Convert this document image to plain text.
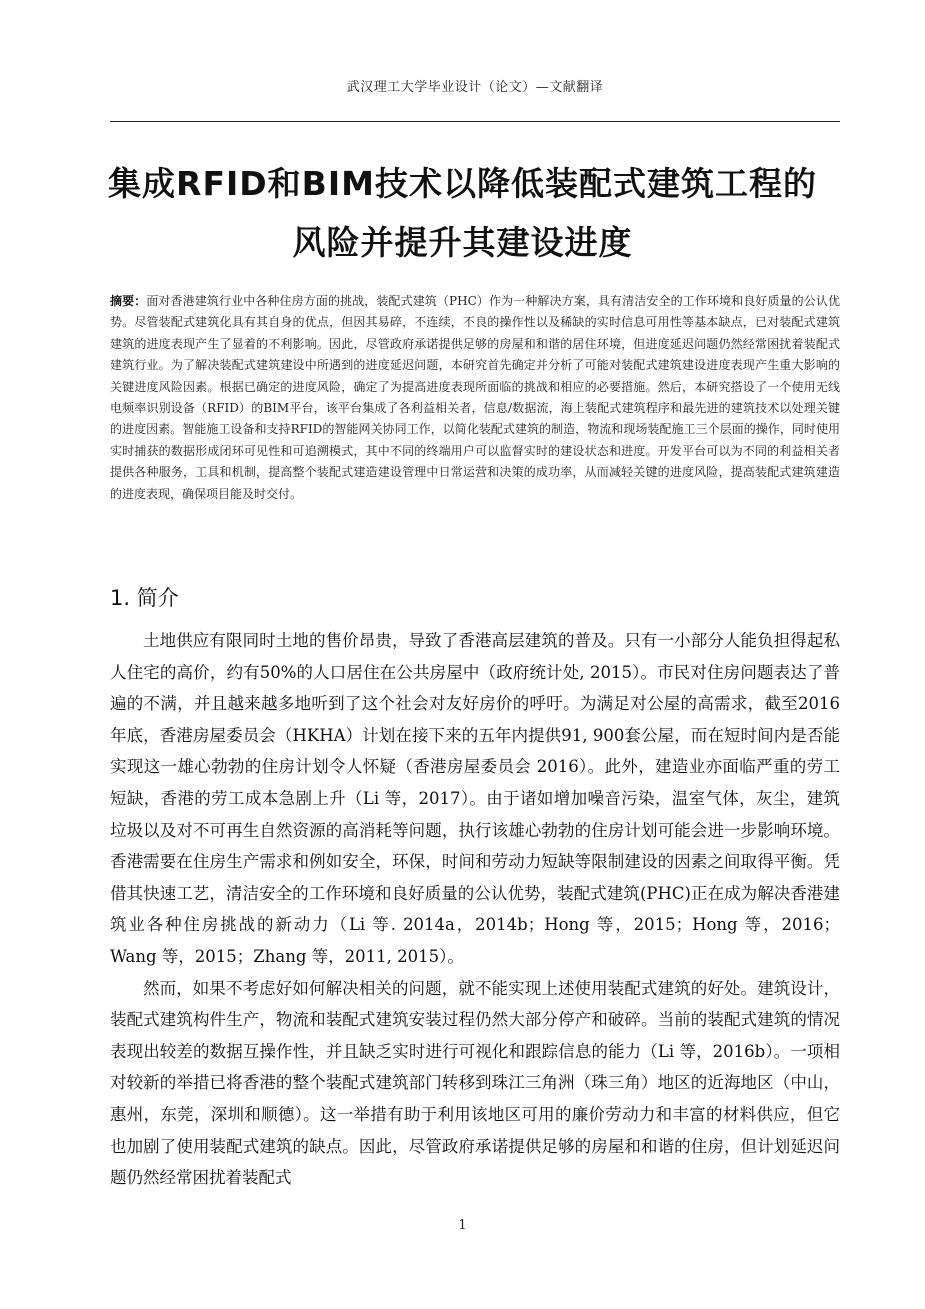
武汉理工大学毕业设计（论文）—文献翻译
集成RFID和BIM技术以降低装配式建筑工程的
风险并提升其建设进度
摘要：面对香港建筑行业中各种住房方面的挑战，装配式建筑（PHC）作为一种解决方案，具有清洁安全的工作环境和良好质量的公认优势。尽管装配式建筑化具有其自身的优点，但因其易碎，不连续，不良的操作性以及稀缺的实时信息可用性等基本缺点，已对装配式建筑建筑的进度表现产生了显着的不利影响。因此，尽管政府承诺提供足够的房屋和和谐的居住环境，但进度延迟问题仍然经常困扰着装配式建筑行业。为了解决装配式建筑建设中所遇到的进度延迟问题，本研究首先确定并分析了可能对装配式建筑建设进度表现产生重大影响的关键进度风险因素。根据已确定的进度风险，确定了为提高进度表现所面临的挑战和相应的必要措施。然后，本研究搭设了一个使用无线电频率识别设备（RFID）的BIM平台，该平台集成了各利益相关者，信息/数据流，海上装配式建筑程序和最先进的建筑技术以处理关键的进度因素。智能施工设备和支持RFID的智能网关协同工作，以简化装配式建筑的制造，物流和现场装配施工三个层面的操作，同时使用实时捕获的数据形成闭环可见性和可追溯模式，其中不同的终端用户可以监督实时的建设状态和进度。开发平台可以为不同的利益相关者提供各种服务，工具和机制，提高整个装配式建造建设管理中日常运营和决策的成功率，从而减轻关键的进度风险，提高装配式建筑建造的进度表现，确保项目能及时交付。
1. 简介

土地供应有限同时土地的售价昂贵，导致了香港高层建筑的普及。只有一小部分人能负担得起私人住宅的高价，约有50%的人口居住在公共房屋中（政府统计处, 2015）。市民对住房问题表达了普遍的不满，并且越来越多地听到了这个社会对友好房价的呼吁。为满足对公屋的高需求，截至2016年底，香港房屋委员会（HKHA）计划在接下来的五年内提供91, 900套公屋，而在短时间内是否能实现这一雄心勃勃的住房计划令人怀疑（香港房屋委员会 2016）。此外，建造业亦面临严重的劳工短缺，香港的劳工成本急剧上升（Li 等，2017）。由于诸如增加噪音污染，温室气体，灰尘，建筑垃圾以及对不可再生自然资源的高消耗等问题，执行该雄心勃勃的住房计划可能会进一步影响环境。香港需要在住房生产需求和例如安全，环保，时间和劳动力短缺等限制建设的因素之间取得平衡。凭借其快速工艺，清洁安全的工作环境和良好质量的公认优势，装配式建筑(PHC)正在成为解决香港建筑业各种住房挑战的新动力（Li 等. 2014a，2014b；Hong 等，2015；Hong 等，2016；Wang 等，2015；Zhang 等，2011, 2015）。

然而，如果不考虑好如何解决相关的问题，就不能实现上述使用装配式建筑的好处。建筑设计，装配式建筑构件生产，物流和装配式建筑安装过程仍然大部分停产和破碎。当前的装配式建筑的情况表现出较差的数据互操作性，并且缺乏实时进行可视化和跟踪信息的能力（Li 等，2016b）。一项相对较新的举措已将香港的整个装配式建筑部门转移到珠江三角洲（珠三角）地区的近海地区（中山，惠州，东莞，深圳和顺德）。这一举措有助于利用该地区可用的廉价劳动力和丰富的材料供应，但它也加剧了使用装配式建筑的缺点。因此，尽管政府承诺提供足够的房屋和和谐的住房，但计划延迟问题仍然经常困扰着装配式

1
